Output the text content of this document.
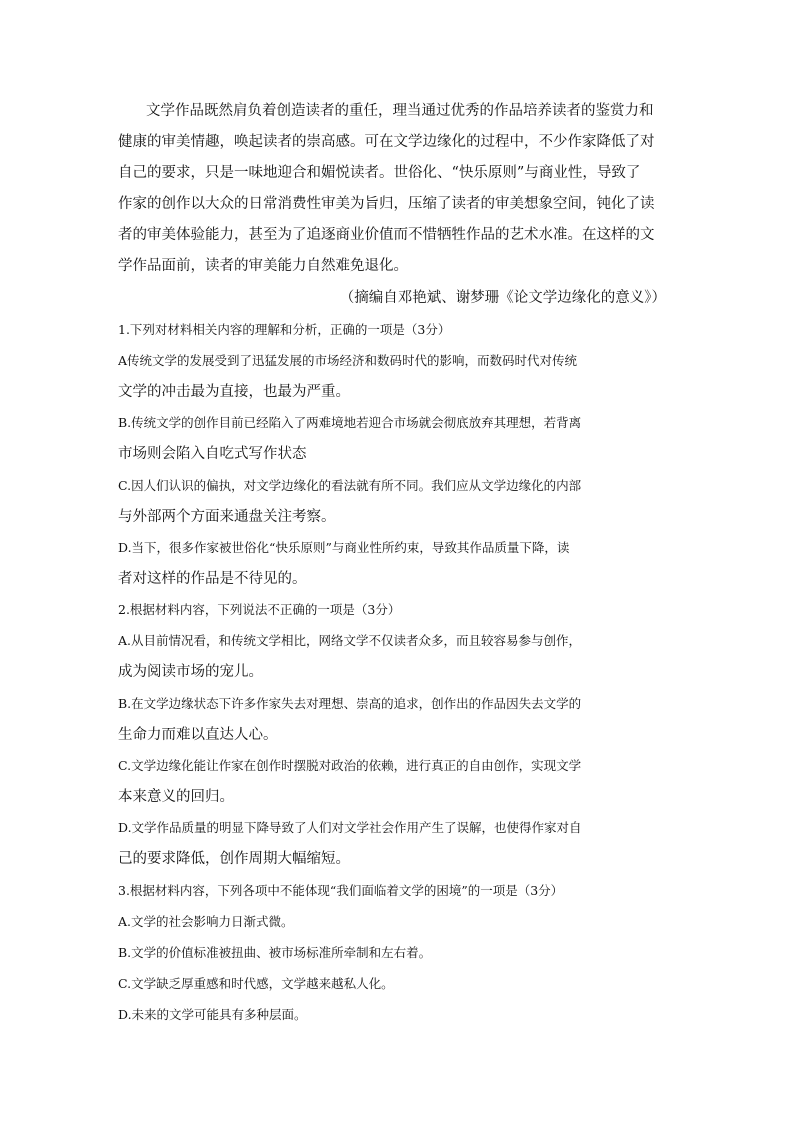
文学作品既然肩负着创造读者的重任，理当通过优秀的作品培养读者的鉴赏力和
健康的审美情趣，唤起读者的崇高感。可在文学边缘化的过程中，不少作家降低了对
自己的要求，只是一味地迎合和媚悦读者。世俗化、“快乐原则”与商业性，导致了
作家的创作以大众的日常消费性审美为旨归，压缩了读者的审美想象空间，钝化了读
者的审美体验能力，甚至为了追逐商业价值而不惜牺牲作品的艺术水准。在这样的文
学作品面前，读者的审美能力自然难免退化。
（摘编自邓艳斌、谢梦珊《论文学边缘化的意义》）
1.下列对材料相关内容的理解和分析，正确的一项是（3分）
A传统文学的发展受到了迅猛发展的市场经济和数码时代的影响，而数码时代对传统
文学的冲击最为直接，也最为严重。
B.传统文学的创作目前已经陷入了两难境地若迎合市场就会彻底放弃其理想，若背离
市场则会陷入自吃式写作状态
C.因人们认识的偏执，对文学边缘化的看法就有所不同。我们应从文学边缘化的内部
与外部两个方面来通盘关注考察。
D.当下，很多作家被世俗化“快乐原则”与商业性所约束，导致其作品质量下降，读
者对这样的作品是不待见的。
2.根据材料内容，下列说法不正确的一项是（3分）
A.从目前情况看，和传统文学相比，网络文学不仅读者众多，而且较容易参与创作，
成为阅读市场的宠儿。
B.在文学边缘状态下许多作家失去对理想、崇高的追求，创作出的作品因失去文学的
生命力而难以直达人心。
C.文学边缘化能让作家在创作时摆脱对政治的依赖，进行真正的自由创作，实现文学
本来意义的回归。
D.文学作品质量的明显下降导致了人们对文学社会作用产生了误解，也使得作家对自
己的要求降低，创作周期大幅缩短。
3.根据材料内容，下列各项中不能体现“我们面临着文学的困境”的一项是（3分）
A.文学的社会影响力日渐式微。
B.文学的价值标准被扭曲、被市场标准所牵制和左右着。
C.文学缺乏厚重感和时代感，文学越来越私人化。
D.未来的文学可能具有多种层面。
